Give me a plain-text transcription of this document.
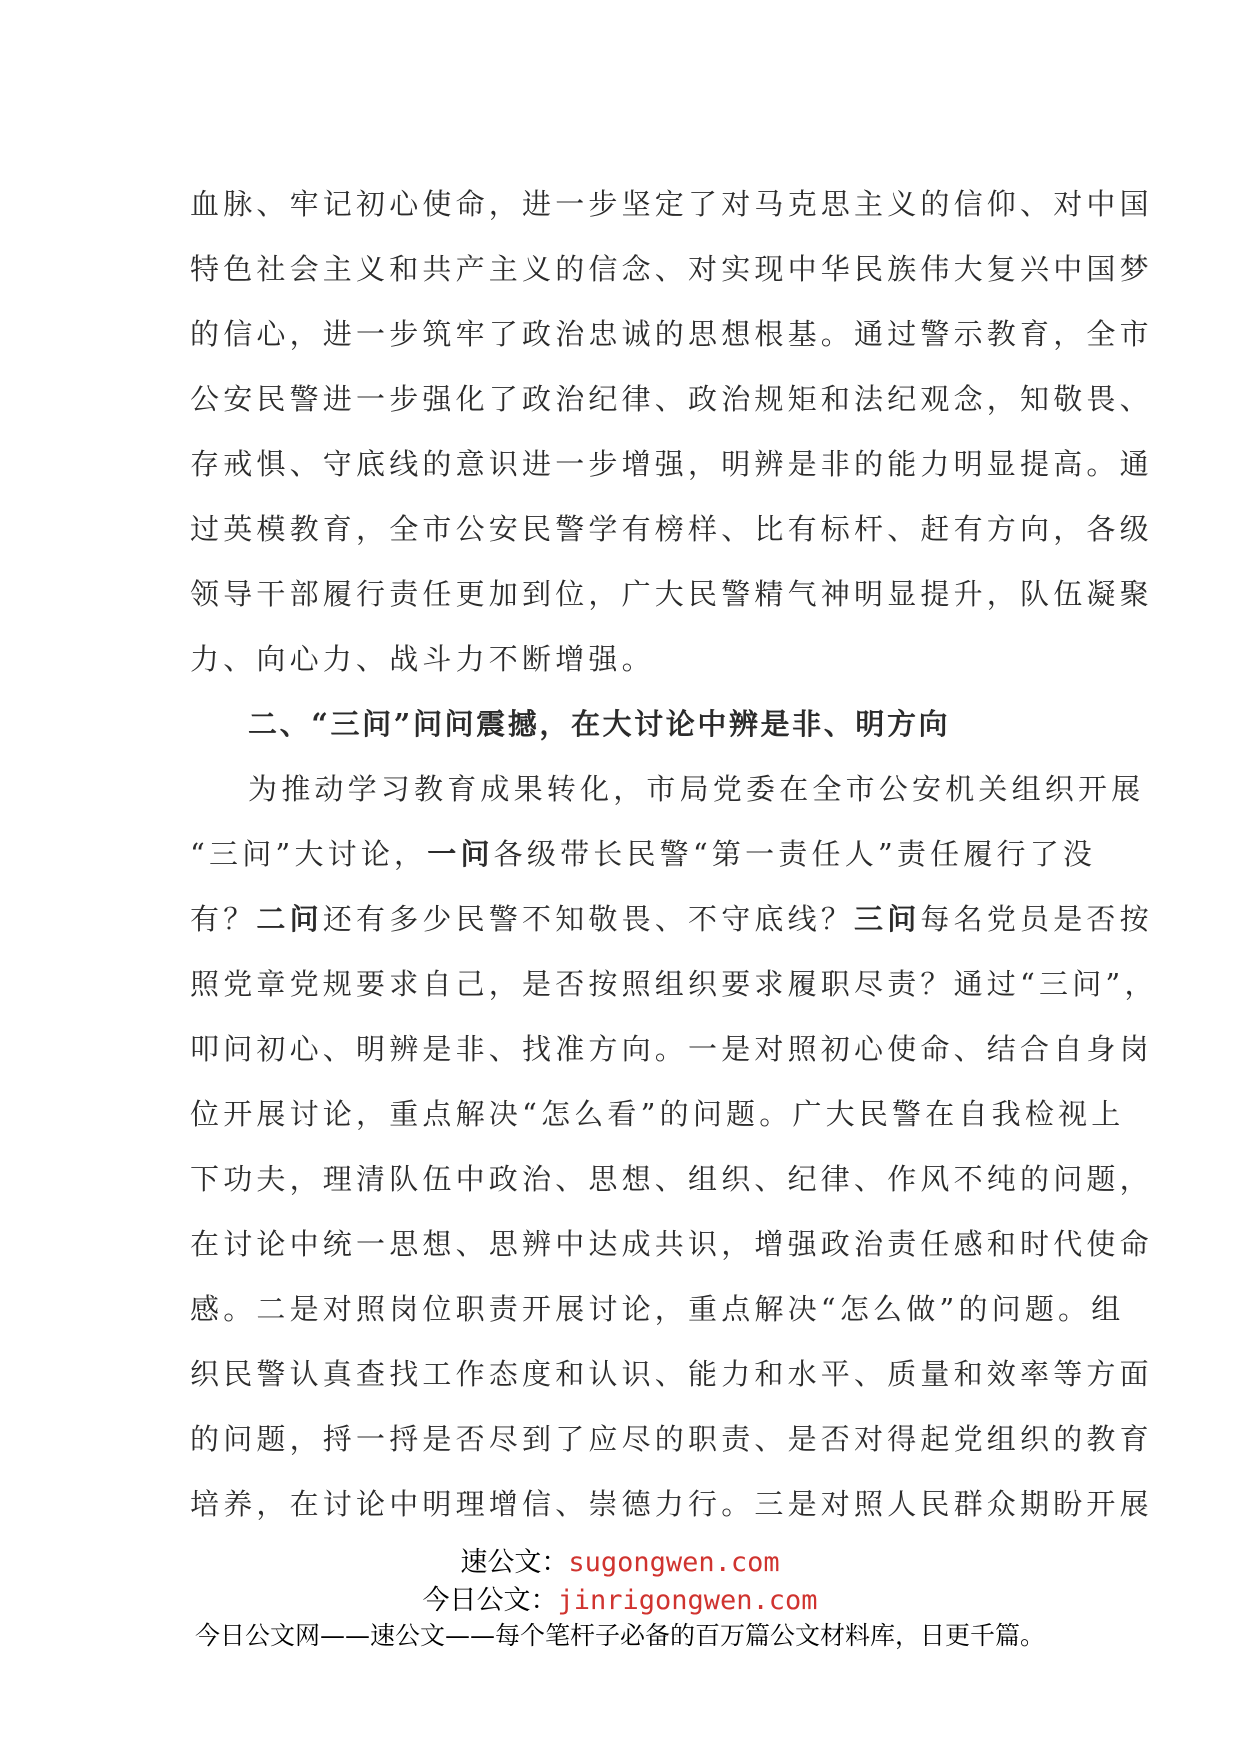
血脉、牢记初心使命，进一步坚定了对马克思主义的信仰、对中国
特色社会主义和共产主义的信念、对实现中华民族伟大复兴中国梦
的信心，进一步筑牢了政治忠诚的思想根基。通过警示教育，全市
公安民警进一步强化了政治纪律、政治规矩和法纪观念，知敬畏、
存戒惧、守底线的意识进一步增强，明辨是非的能力明显提高。通
过英模教育，全市公安民警学有榜样、比有标杆、赶有方向，各级
领导干部履行责任更加到位，广大民警精气神明显提升，队伍凝聚
力、向心力、战斗力不断增强。
二、“三问”问问震撼，在大讨论中辨是非、明方向
为推动学习教育成果转化，市局党委在全市公安机关组织开展
“三问”大讨论，一问各级带长民警“第一责任人”责任履行了没
有？二问还有多少民警不知敬畏、不守底线？三问每名党员是否按
照党章党规要求自己，是否按照组织要求履职尽责？通过“三问”，
叩问初心、明辨是非、找准方向。一是对照初心使命、结合自身岗
位开展讨论，重点解决“怎么看”的问题。广大民警在自我检视上
下功夫，理清队伍中政治、思想、组织、纪律、作风不纯的问题，
在讨论中统一思想、思辨中达成共识，增强政治责任感和时代使命
感。二是对照岗位职责开展讨论，重点解决“怎么做”的问题。组
织民警认真查找工作态度和认识、能力和水平、质量和效率等方面
的问题，捋一捋是否尽到了应尽的职责、是否对得起党组织的教育
培养，在讨论中明理增信、崇德力行。三是对照人民群众期盼开展
速公文：sugongwen.com
今日公文：jinrigongwen.com
今日公文网——速公文——每个笔杆子必备的百万篇公文材料库，日更千篇。
